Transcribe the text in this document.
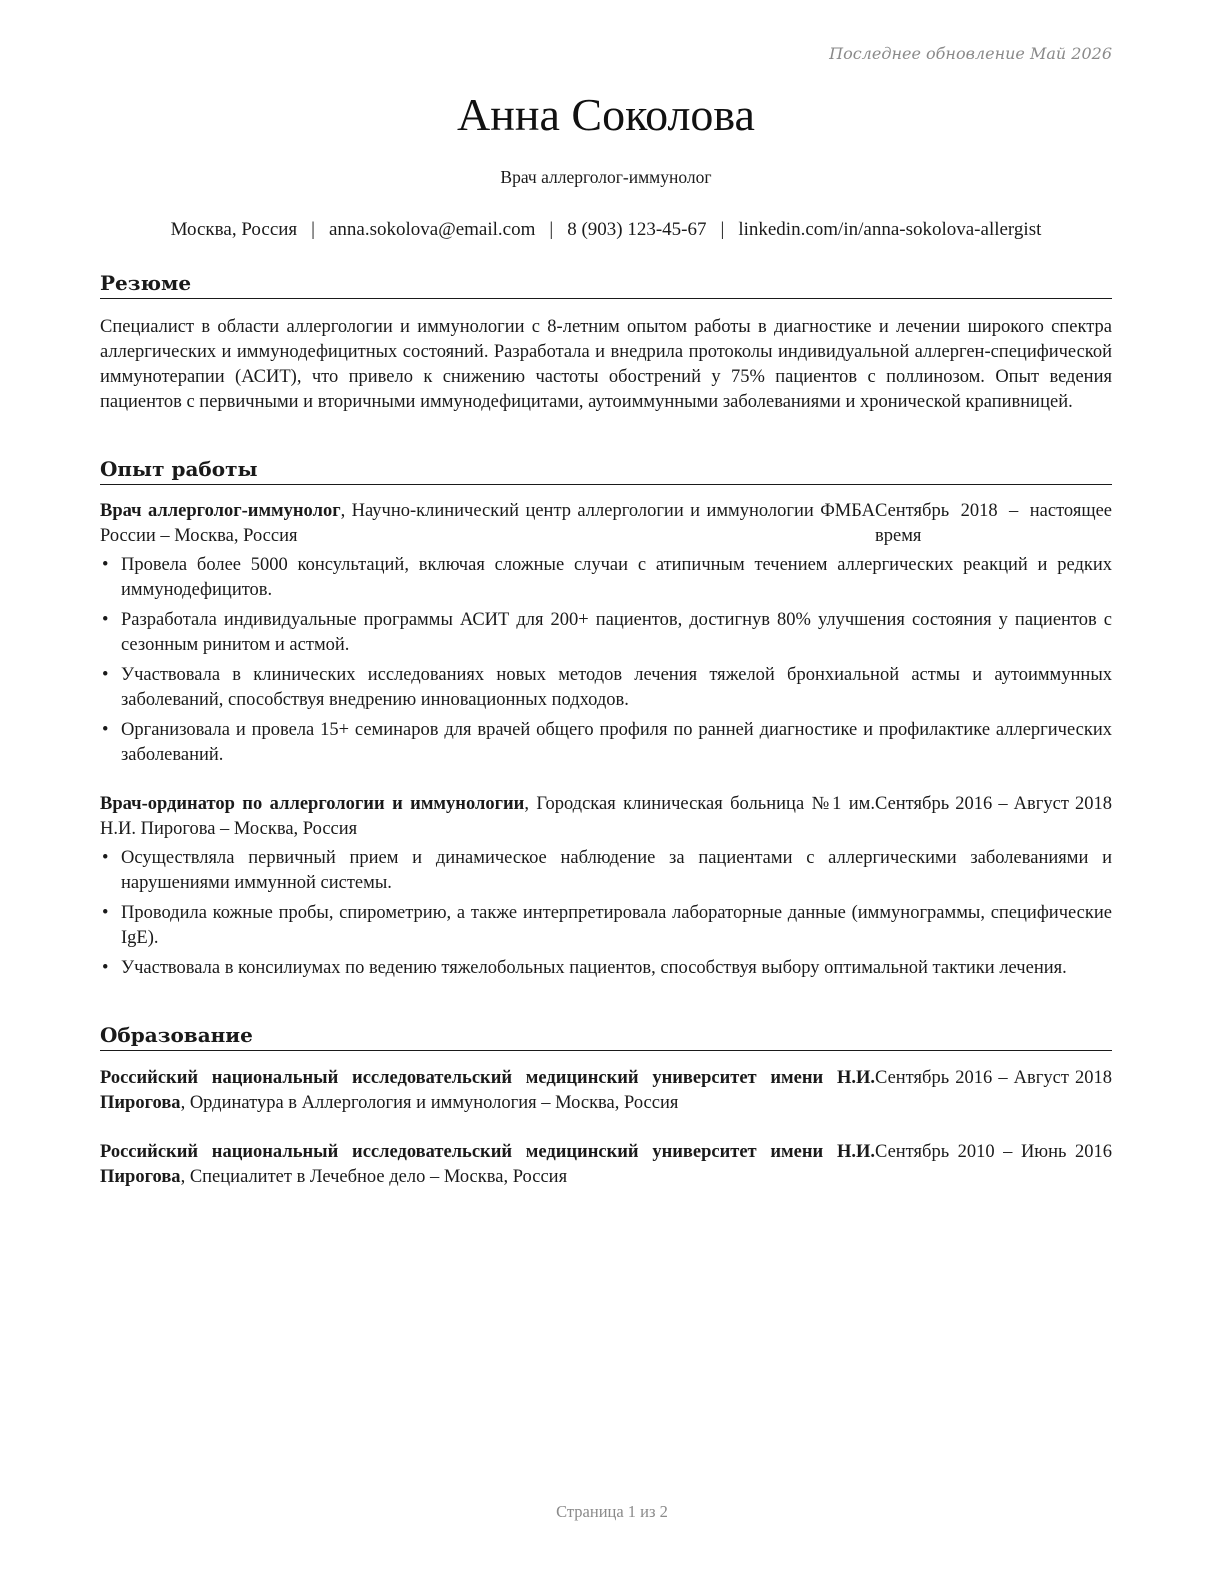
Последнее обновление Май 2026
Анна Соколова
Врач аллерголог-иммунолог
Москва, Россия | anna.sokolova@email.com | 8 (903) 123-45-67 | linkedin.com/in/anna-sokolova-allergist
Резюме

Специалист в области аллергологии и иммунологии с 8-летним опытом работы в диагностике и лечении широкого спектра аллергических и иммунодефицитных состояний. Разработала и внедрила протоколы индивидуальной аллерген-специфической иммунотерапии (АСИТ), что привело к снижению частоты обострений у 75% пациентов с поллинозом. Опыт ведения пациентов с первичными и вторичными иммунодефицитами, аутоиммунными заболеваниями и хронической крапивницей.

Опыт работы
Врач аллерголог-иммунолог, Научно-клинический центр аллергологии и иммунологии ФМБА России – Москва, Россия
Сентябрь 2018 – настоящее время
• Провела более 5000 консультаций, включая сложные случаи с атипичным течением аллергических реакций и редких иммунодефицитов.
• Разработала индивидуальные программы АСИТ для 200+ пациентов, достигнув 80% улучшения состояния у пациентов с сезонным ринитом и астмой.
• Участвовала в клинических исследованиях новых методов лечения тяжелой бронхиальной астмы и аутоиммунных заболеваний, способствуя внедрению инновационных подходов.
• Организовала и провела 15+ семинаров для врачей общего профиля по ранней диагностике и профилактике аллергических заболеваний.
Врач-ординатор по аллергологии и иммунологии, Городская клиническая больница №1 им. Н.И. Пирогова – Москва, Россия
Сентябрь 2016 – Август 2018
• Осуществляла первичный прием и динамическое наблюдение за пациентами с аллергическими заболеваниями и нарушениями иммунной системы.
• Проводила кожные пробы, спирометрию, а также интерпретировала лабораторные данные (иммунограммы, специфические IgE).
• Участвовала в консилиумах по ведению тяжелобольных пациентов, способствуя выбору оптимальной тактики лечения.
Образование
Российский национальный исследовательский медицинский университет имени Н.И. Пирогова, Ординатура в Аллергология и иммунология – Москва, Россия
Сентябрь 2016 – Август 2018
Российский национальный исследовательский медицинский университет имени Н.И. Пирогова, Специалитет в Лечебное дело – Москва, Россия
Сентябрь 2010 – Июнь 2016
Страница 1 из 2
